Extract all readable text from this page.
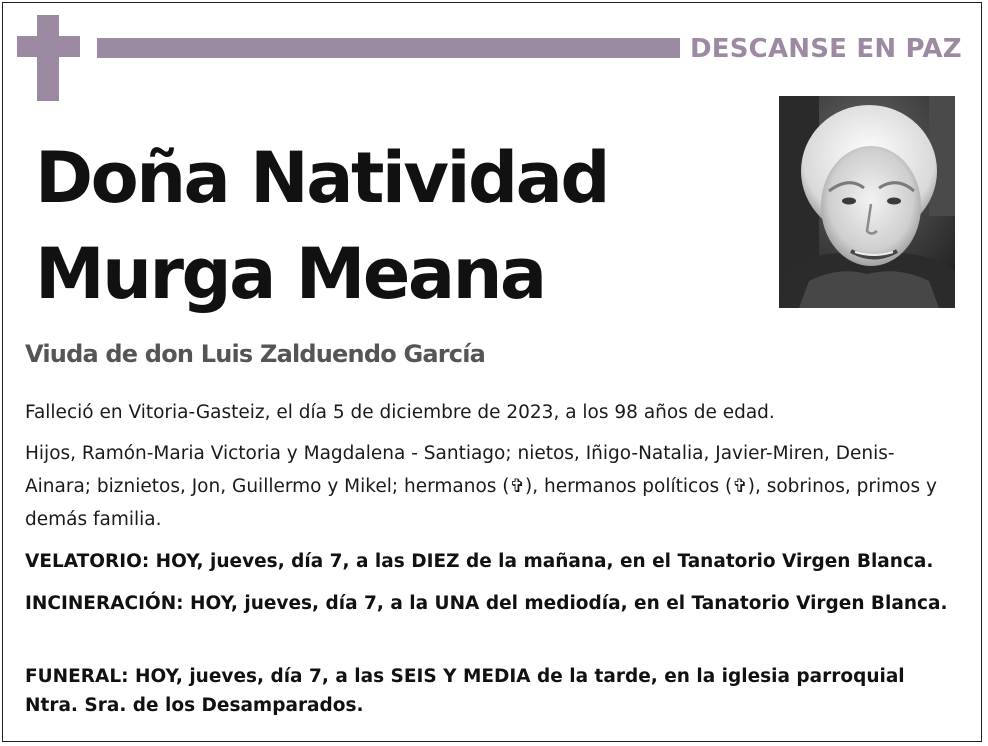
DESCANSE EN PAZ
Doña Natividad
Murga Meana
Viuda de don Luis Zalduendo García
Falleció en Vitoria-Gasteiz, el día 5 de diciembre de 2023, a los 98 años de edad.
Hijos, Ramón-Maria Victoria y Magdalena - Santiago; nietos, Iñigo-Natalia, Javier-Miren, Denis-Ainara; biznietos, Jon, Guillermo y Mikel; hermanos (✞), hermanos políticos (✞), sobrinos, primos y demás familia.
VELATORIO: HOY, jueves, día 7, a las DIEZ de la mañana, en el Tanatorio Virgen Blanca.
INCINERACIÓN: HOY, jueves, día 7, a la UNA del mediodía, en el Tanatorio Virgen Blanca.
FUNERAL: HOY, jueves, día 7, a las SEIS Y MEDIA de la tarde, en la iglesia parroquial Ntra. Sra. de los Desamparados.
